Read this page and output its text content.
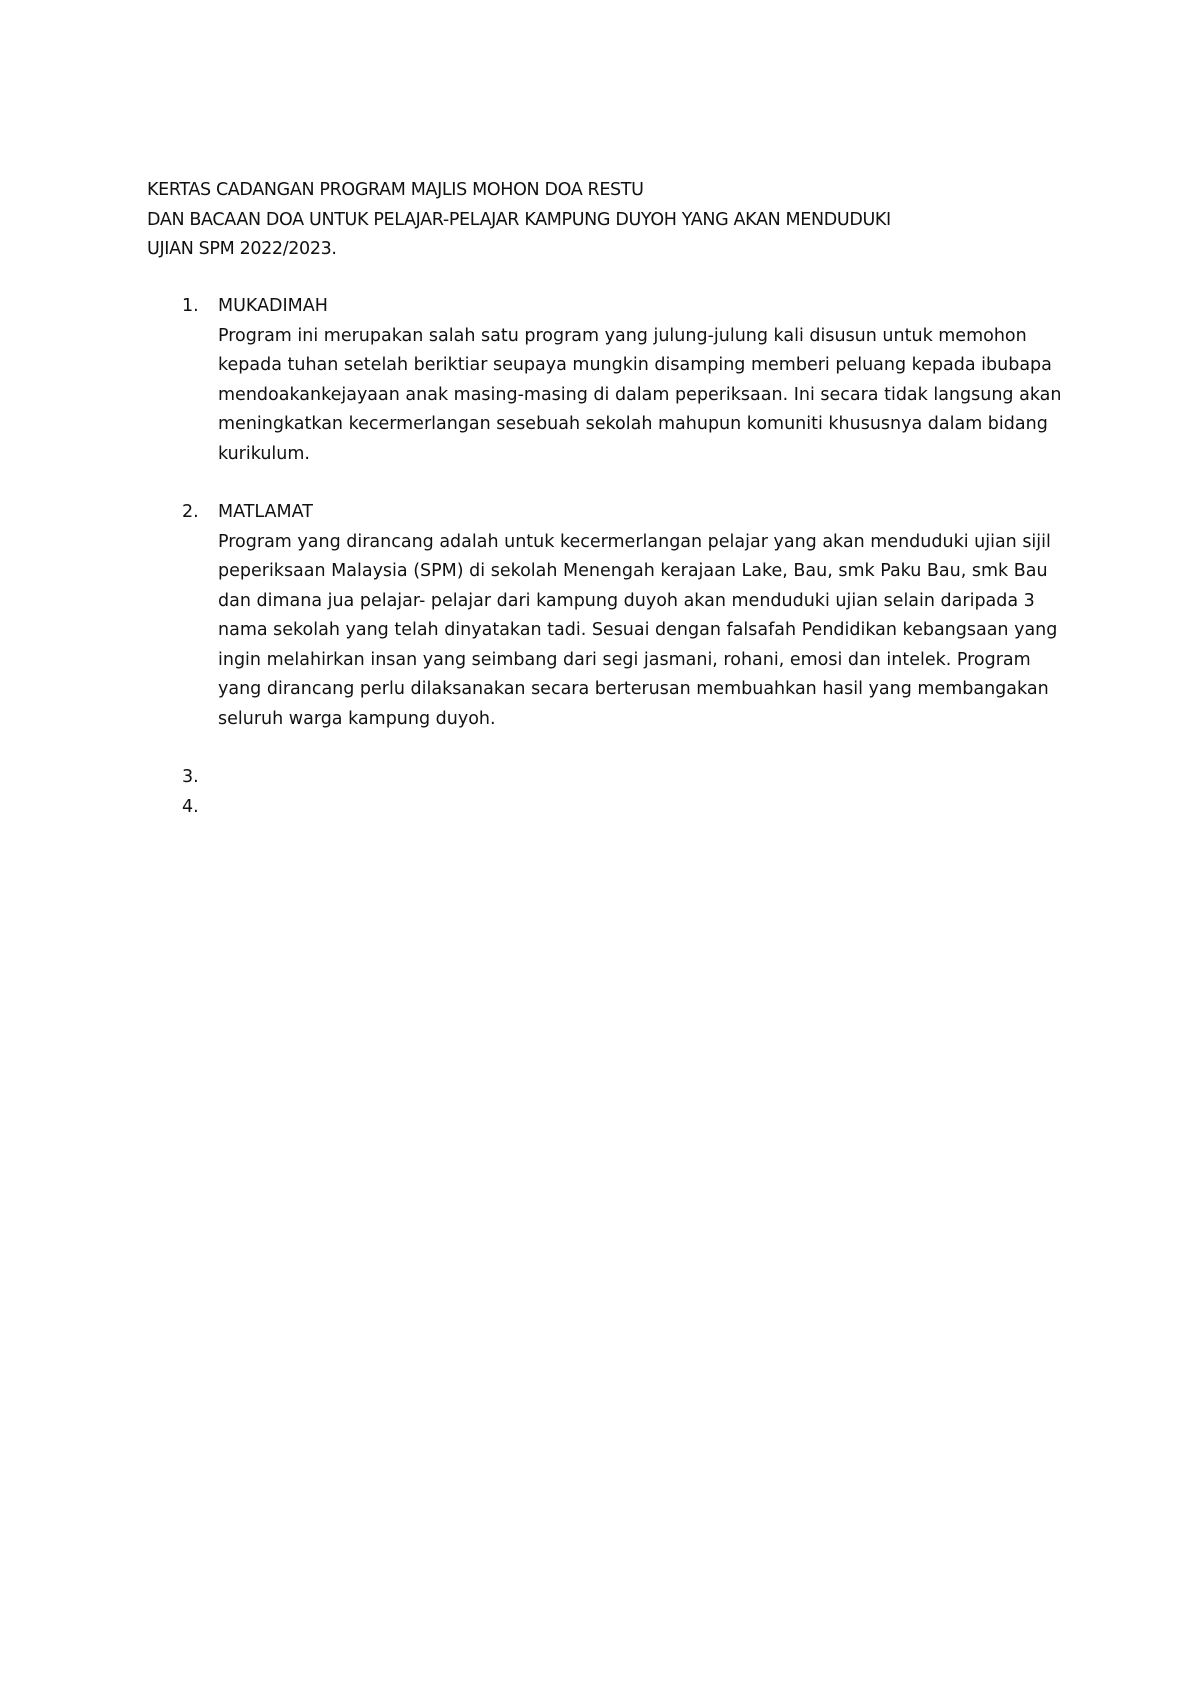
KERTAS CADANGAN PROGRAM MAJLIS MOHON DOA RESTU
DAN BACAAN DOA UNTUK PELAJAR-PELAJAR KAMPUNG DUYOH YANG AKAN MENDUDUKI
UJIAN SPM 2022/2023.
1. MUKADIMAH

Program ini merupakan salah satu program yang julung-julung kali disusun untuk memohon kepada tuhan setelah beriktiar seupaya mungkin disamping memberi peluang kepada ibubapa mendoakankejayaan anak masing-masing di dalam peperiksaan. Ini secara tidak langsung akan meningkatkan kecermerlangan sesebuah sekolah mahupun komuniti khususnya dalam bidang kurikulum.

2. MATLAMAT

Program yang dirancang adalah untuk kecermerlangan pelajar yang akan menduduki ujian sijil peperiksaan Malaysia (SPM) di sekolah Menengah kerajaan Lake, Bau, smk Paku Bau, smk Bau dan dimana jua pelajar- pelajar dari kampung duyoh akan menduduki ujian selain daripada 3 nama sekolah yang telah dinyatakan tadi. Sesuai dengan falsafah Pendidikan kebangsaan yang ingin melahirkan insan yang seimbang dari segi jasmani, rohani, emosi dan intelek. Program yang dirancang perlu dilaksanakan secara berterusan membuahkan hasil yang membangakan seluruh warga kampung duyoh.

3.
4.
